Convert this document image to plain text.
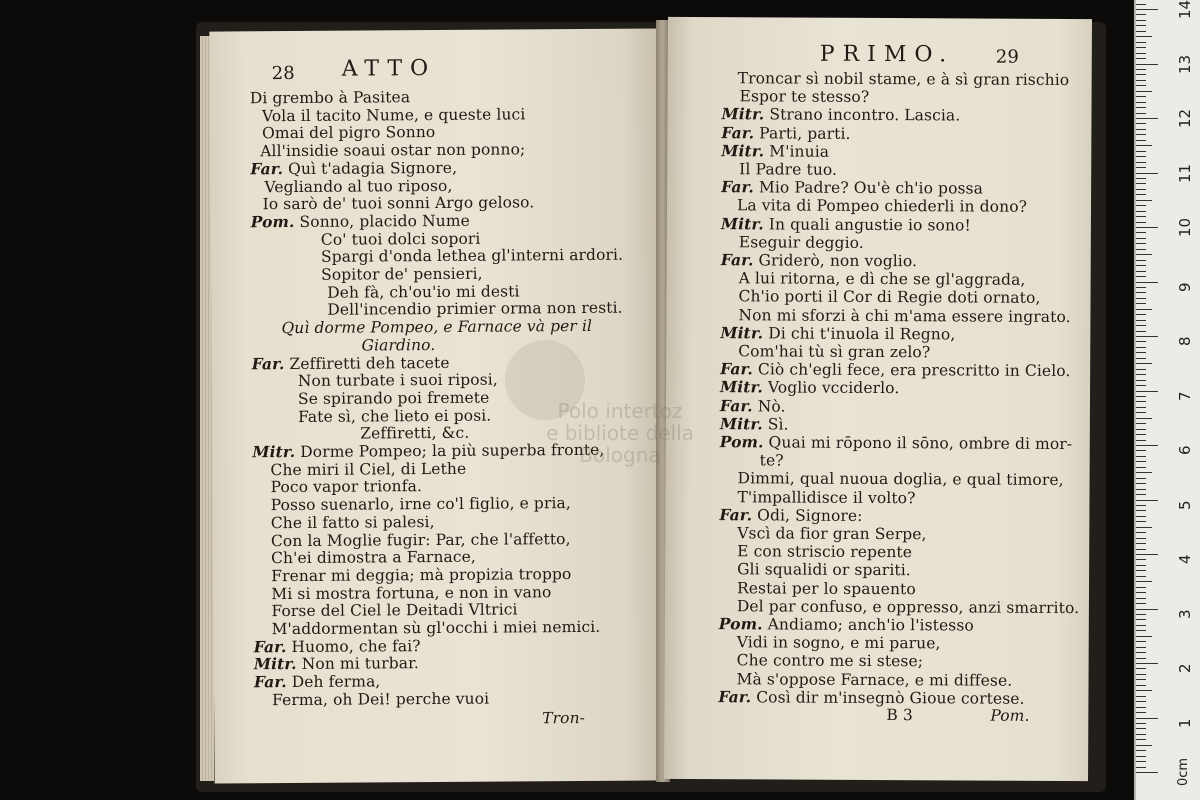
28 ATTO
Di grembo à Pasitea
Vola il tacito Nume, e queste luci
Omai del pigro Sonno
All'insidie soaui ostar non ponno;
Far. Quì t'adagia Signore,
Vegliando al tuo riposo,
Io sarò de' tuoi sonni Argo geloso.
Pom. Sonno, placido Nume
Co' tuoi dolci sopori
Spargi d'onda lethea gl'interni ardori.
Sopitor de' pensieri,
Deh fà, ch'ou'io mi desti
Dell'incendio primier orma non resti.
Quì dorme Pompeo, e Farnace và per il
Giardino.
Far. Zeffiretti deh tacete
Non turbate i suoi riposi,
Se spirando poi fremete
Fate sì, che lieto ei posi.
Zeffiretti, &c.
Mitr. Dorme Pompeo; la più superba fronte,
Che miri il Ciel, di Lethe
Poco vapor trionfa.
Posso suenarlo, irne co'l figlio, e pria,
Che il fatto si palesi,
Con la Moglie fugir: Par, che l'affetto,
Ch'ei dimostra a Farnace,
Frenar mi deggia; mà propizia troppo
Mi si mostra fortuna, e non in vano
Forse del Ciel le Deitadi Vltrici
M'addormentan sù gl'occhi i miei nemici.
Far. Huomo, che fai?
Mitr. Non mi turbar.
Far. Deh ferma,
Ferma, oh Dei! perche vuoi
Tron-
PRIMO. 29
Troncar sì nobil stame, e à sì gran rischio
Espor te stesso?
Mitr. Strano incontro. Lascia.
Far. Parti, parti.
Mitr. M'inuia
Il Padre tuo.
Far. Mio Padre? Ou'è ch'io possa
La vita di Pompeo chiederli in dono?
Mitr. In quali angustie io sono!
Eseguir deggio.
Far. Griderò, non voglio.
A lui ritorna, e dì che se gl'aggrada,
Ch'io porti il Cor di Regie doti ornato,
Non mi sforzi à chi m'ama essere ingrato.
Mitr. Di chi t'inuola il Regno,
Com'hai tù sì gran zelo?
Far. Ciò ch'egli fece, era prescritto in Cielo.
Mitr. Voglio vcciderlo.
Far. Nò.
Mitr. Sì.
Pom. Quai mi rōpono il sōno, ombre di mor-
te?
Dimmi, qual nuoua doglia, e qual timore,
T'impallidisce il volto?
Far. Odi, Signore:
Vscì da fior gran Serpe,
E con striscio repente
Gli squalidi or spariti.
Restai per lo spauento
Del par confuso, e oppresso, anzi smarrito.
Pom. Andiamo; anch'io l'istesso
Vidi in sogno, e mi parue,
Che contro me si stese;
Mà s'oppose Farnace, e mi diffese.
Far. Così dir m'insegnò Gioue cortese.
B 3	Pom.
Polo intertoz
e bibliote della
Bologna
0cm
1
2
3
4
5
6
7
8
9
10
11
12
13
14
